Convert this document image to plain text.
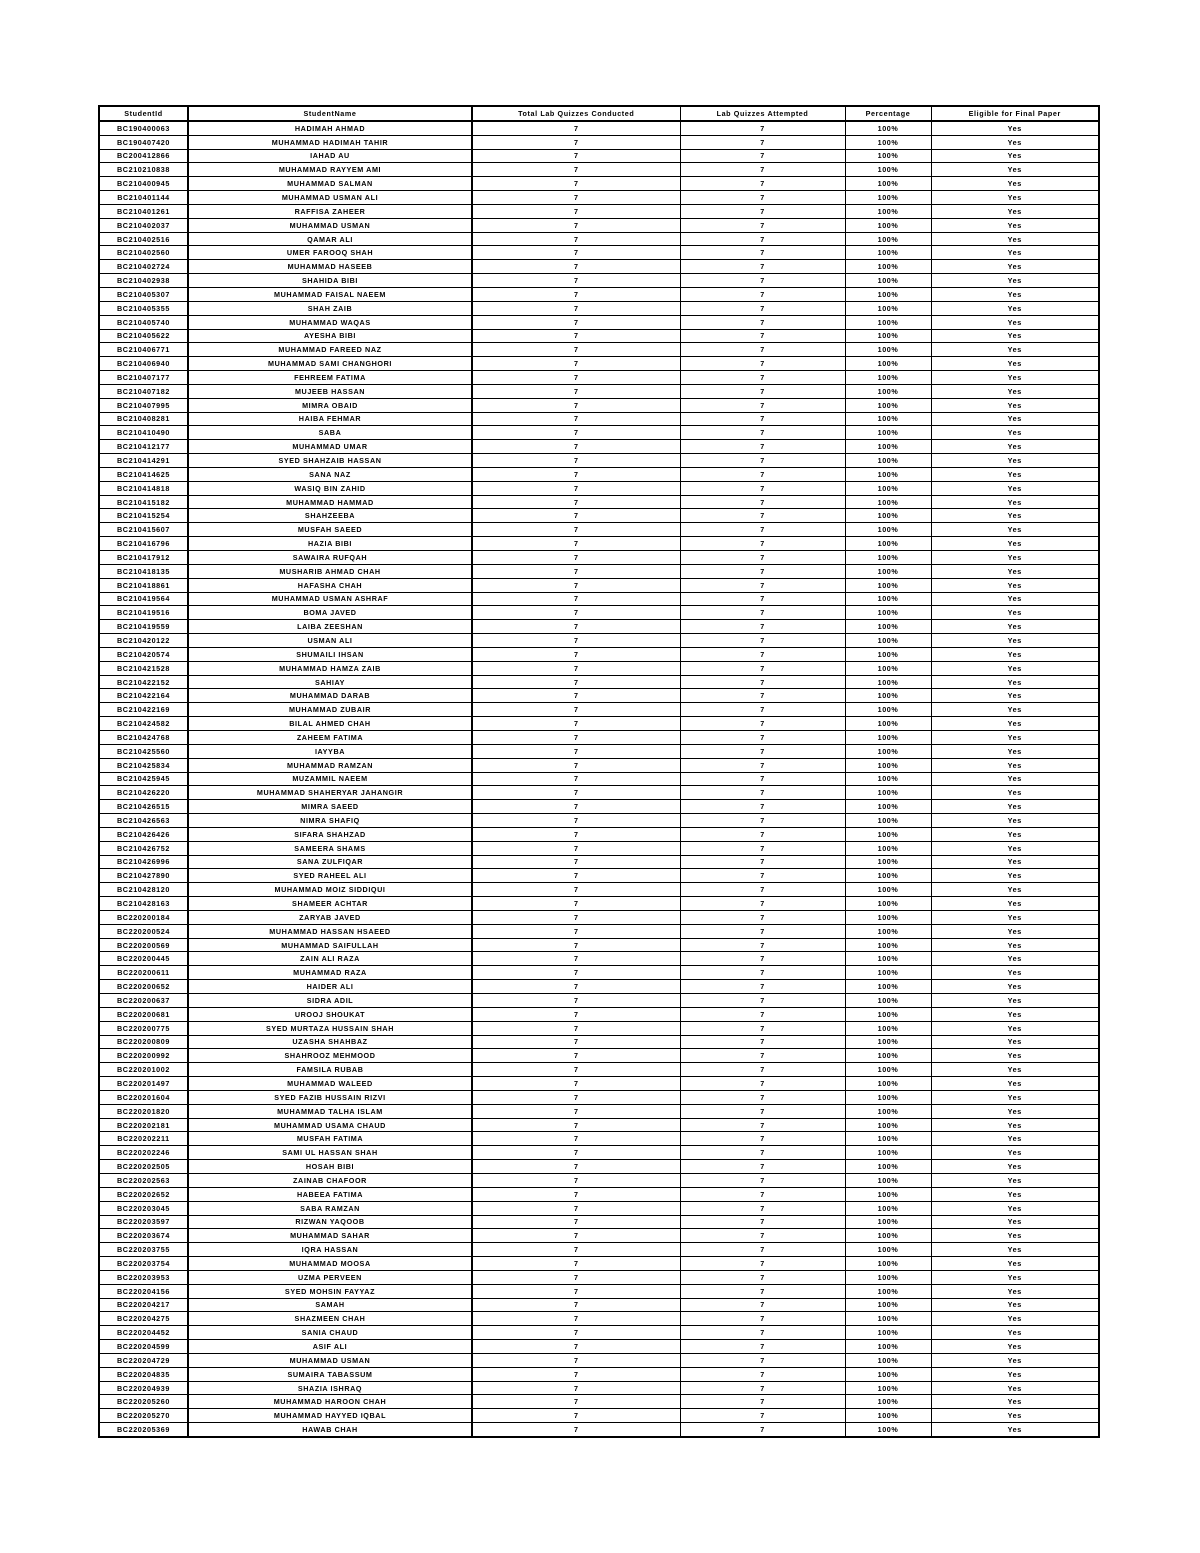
StudentId	StudentName	Total Lab Quizzes Conducted	Lab Quizzes Attempted	Percentage	Eligible for Final Paper
BC190400063	HADIMAH AHMAD	7	7	100%	Yes
BC190407420	MUHAMMAD HADIMAH TAHIR	7	7	100%	Yes
BC200412866	IAHAD AU	7	7	100%	Yes
BC210210838	MUHAMMAD RAYYEM AMI	7	7	100%	Yes
BC210400945	MUHAMMAD SALMAN	7	7	100%	Yes
BC210401144	MUHAMMAD USMAN ALI	7	7	100%	Yes
BC210401261	RAFFISA ZAHEER	7	7	100%	Yes
BC210402037	MUHAMMAD USMAN	7	7	100%	Yes
BC210402516	QAMAR ALI	7	7	100%	Yes
BC210402560	UMER FAROOQ SHAH	7	7	100%	Yes
BC210402724	MUHAMMAD HASEEB	7	7	100%	Yes
BC210402938	SHAHIDA BIBI	7	7	100%	Yes
BC210405307	MUHAMMAD FAISAL NAEEM	7	7	100%	Yes
BC210405355	SHAH ZAIB	7	7	100%	Yes
BC210405740	MUHAMMAD WAQAS	7	7	100%	Yes
BC210405622	AYESHA BIBI	7	7	100%	Yes
BC210406771	MUHAMMAD FAREED NAZ	7	7	100%	Yes
BC210406940	MUHAMMAD SAMI CHANGHORI	7	7	100%	Yes
BC210407177	FEHREEM FATIMA	7	7	100%	Yes
BC210407182	MUJEEB HASSAN	7	7	100%	Yes
BC210407995	MIMRA OBAID	7	7	100%	Yes
BC210408281	HAIBA FEHMAR	7	7	100%	Yes
BC210410490	SABA	7	7	100%	Yes
BC210412177	MUHAMMAD UMAR	7	7	100%	Yes
BC210414291	SYED SHAHZAIB HASSAN	7	7	100%	Yes
BC210414625	SANA NAZ	7	7	100%	Yes
BC210414818	WASIQ BIN ZAHID	7	7	100%	Yes
BC210415182	MUHAMMAD HAMMAD	7	7	100%	Yes
BC210415254	SHAHZEEBA	7	7	100%	Yes
BC210415607	MUSFAH SAEED	7	7	100%	Yes
BC210416796	HAZIA BIBI	7	7	100%	Yes
BC210417912	SAWAIRA RUFQAH	7	7	100%	Yes
BC210418135	MUSHARIB AHMAD CHAH	7	7	100%	Yes
BC210418861	HAFASHA CHAH	7	7	100%	Yes
BC210419564	MUHAMMAD USMAN ASHRAF	7	7	100%	Yes
BC210419516	BOMA JAVED	7	7	100%	Yes
BC210419559	LAIBA ZEESHAN	7	7	100%	Yes
BC210420122	USMAN ALI	7	7	100%	Yes
BC210420574	SHUMAILI IHSAN	7	7	100%	Yes
BC210421528	MUHAMMAD HAMZA ZAIB	7	7	100%	Yes
BC210422152	SAHIAY	7	7	100%	Yes
BC210422164	MUHAMMAD DARAB	7	7	100%	Yes
BC210422169	MUHAMMAD ZUBAIR	7	7	100%	Yes
BC210424582	BILAL AHMED CHAH	7	7	100%	Yes
BC210424768	ZAHEEM FATIMA	7	7	100%	Yes
BC210425560	IAYYBA	7	7	100%	Yes
BC210425834	MUHAMMAD RAMZAN	7	7	100%	Yes
BC210425945	MUZAMMIL NAEEM	7	7	100%	Yes
BC210426220	MUHAMMAD SHAHERYAR JAHANGIR	7	7	100%	Yes
BC210426515	MIMRA SAEED	7	7	100%	Yes
BC210426563	NIMRA SHAFIQ	7	7	100%	Yes
BC210426426	SIFARA SHAHZAD	7	7	100%	Yes
BC210426752	SAMEERA SHAMS	7	7	100%	Yes
BC210426996	SANA ZULFIQAR	7	7	100%	Yes
BC210427890	SYED RAHEEL ALI	7	7	100%	Yes
BC210428120	MUHAMMAD MOIZ SIDDIQUI	7	7	100%	Yes
BC210428163	SHAMEER ACHTAR	7	7	100%	Yes
BC220200184	ZARYAB JAVED	7	7	100%	Yes
BC220200524	MUHAMMAD HASSAN HSAEED	7	7	100%	Yes
BC220200569	MUHAMMAD SAIFULLAH	7	7	100%	Yes
BC220200445	ZAIN ALI RAZA	7	7	100%	Yes
BC220200611	MUHAMMAD RAZA	7	7	100%	Yes
BC220200652	HAIDER ALI	7	7	100%	Yes
BC220200637	SIDRA ADIL	7	7	100%	Yes
BC220200681	UROOJ SHOUKAT	7	7	100%	Yes
BC220200775	SYED MURTAZA HUSSAIN SHAH	7	7	100%	Yes
BC220200809	UZASHA SHAHBAZ	7	7	100%	Yes
BC220200992	SHAHROOZ MEHMOOD	7	7	100%	Yes
BC220201002	FAMSILA RUBAB	7	7	100%	Yes
BC220201497	MUHAMMAD WALEED	7	7	100%	Yes
BC220201604	SYED FAZIB HUSSAIN RIZVI	7	7	100%	Yes
BC220201820	MUHAMMAD TALHA ISLAM	7	7	100%	Yes
BC220202181	MUHAMMAD USAMA CHAUD	7	7	100%	Yes
BC220202211	MUSFAH FATIMA	7	7	100%	Yes
BC220202246	SAMI UL HASSAN SHAH	7	7	100%	Yes
BC220202505	HOSAH BIBI	7	7	100%	Yes
BC220202563	ZAINAB CHAFOOR	7	7	100%	Yes
BC220202652	HABEEA FATIMA	7	7	100%	Yes
BC220203045	SABA RAMZAN	7	7	100%	Yes
BC220203597	RIZWAN YAQOOB	7	7	100%	Yes
BC220203674	MUHAMMAD SAHAR	7	7	100%	Yes
BC220203755	IQRA HASSAN	7	7	100%	Yes
BC220203754	MUHAMMAD MOOSA	7	7	100%	Yes
BC220203953	UZMA PERVEEN	7	7	100%	Yes
BC220204156	SYED MOHSIN FAYYAZ	7	7	100%	Yes
BC220204217	SAMAH	7	7	100%	Yes
BC220204275	SHAZMEEN CHAH	7	7	100%	Yes
BC220204452	SANIA CHAUD	7	7	100%	Yes
BC220204599	ASIF ALI	7	7	100%	Yes
BC220204729	MUHAMMAD USMAN	7	7	100%	Yes
BC220204835	SUMAIRA TABASSUM	7	7	100%	Yes
BC220204939	SHAZIA ISHRAQ	7	7	100%	Yes
BC220205260	MUHAMMAD HAROON CHAH	7	7	100%	Yes
BC220205270	MUHAMMAD HAYYED IQBAL	7	7	100%	Yes
BC220205369	HAWAB CHAH	7	7	100%	Yes
